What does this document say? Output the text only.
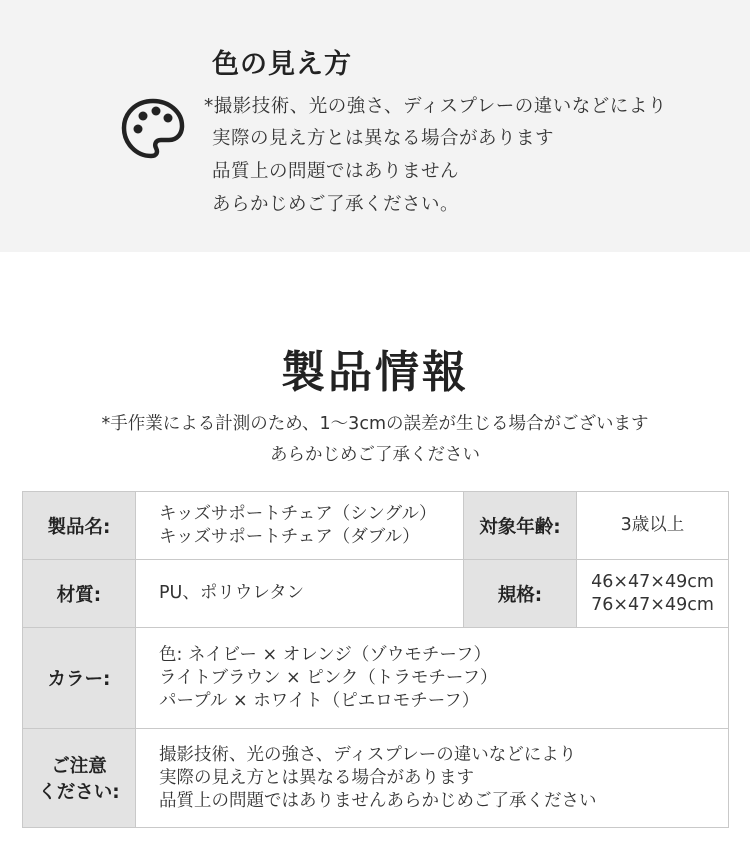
色の見え方
*撮影技術、光の強さ、ディスプレーの違いなどにより
実際の見え方とは異なる場合があります
品質上の問題ではありません
あらかじめご了承ください。
製品情報
*手作業による計測のため、1〜3cmの誤差が生じる場合がございます
あらかじめご了承ください
製品名:	キッズサポートチェア（シングル）
キッズサポートチェア（ダブル）	対象年齢:	3歳以上
材質:	PU、ポリウレタン	規格:	46×47×49cm
76×47×49cm

カラー:	色: ネイビー × オレンジ（ゾウモチーフ）
ライトブラウン × ピンク（トラモチーフ）
パープル × ホワイト（ピエロモチーフ）		

ご注意
ください:	撮影技術、光の強さ、ディスプレーの違いなどにより
実際の見え方とは異なる場合があります
品質上の問題ではありませんあらかじめご了承ください		
